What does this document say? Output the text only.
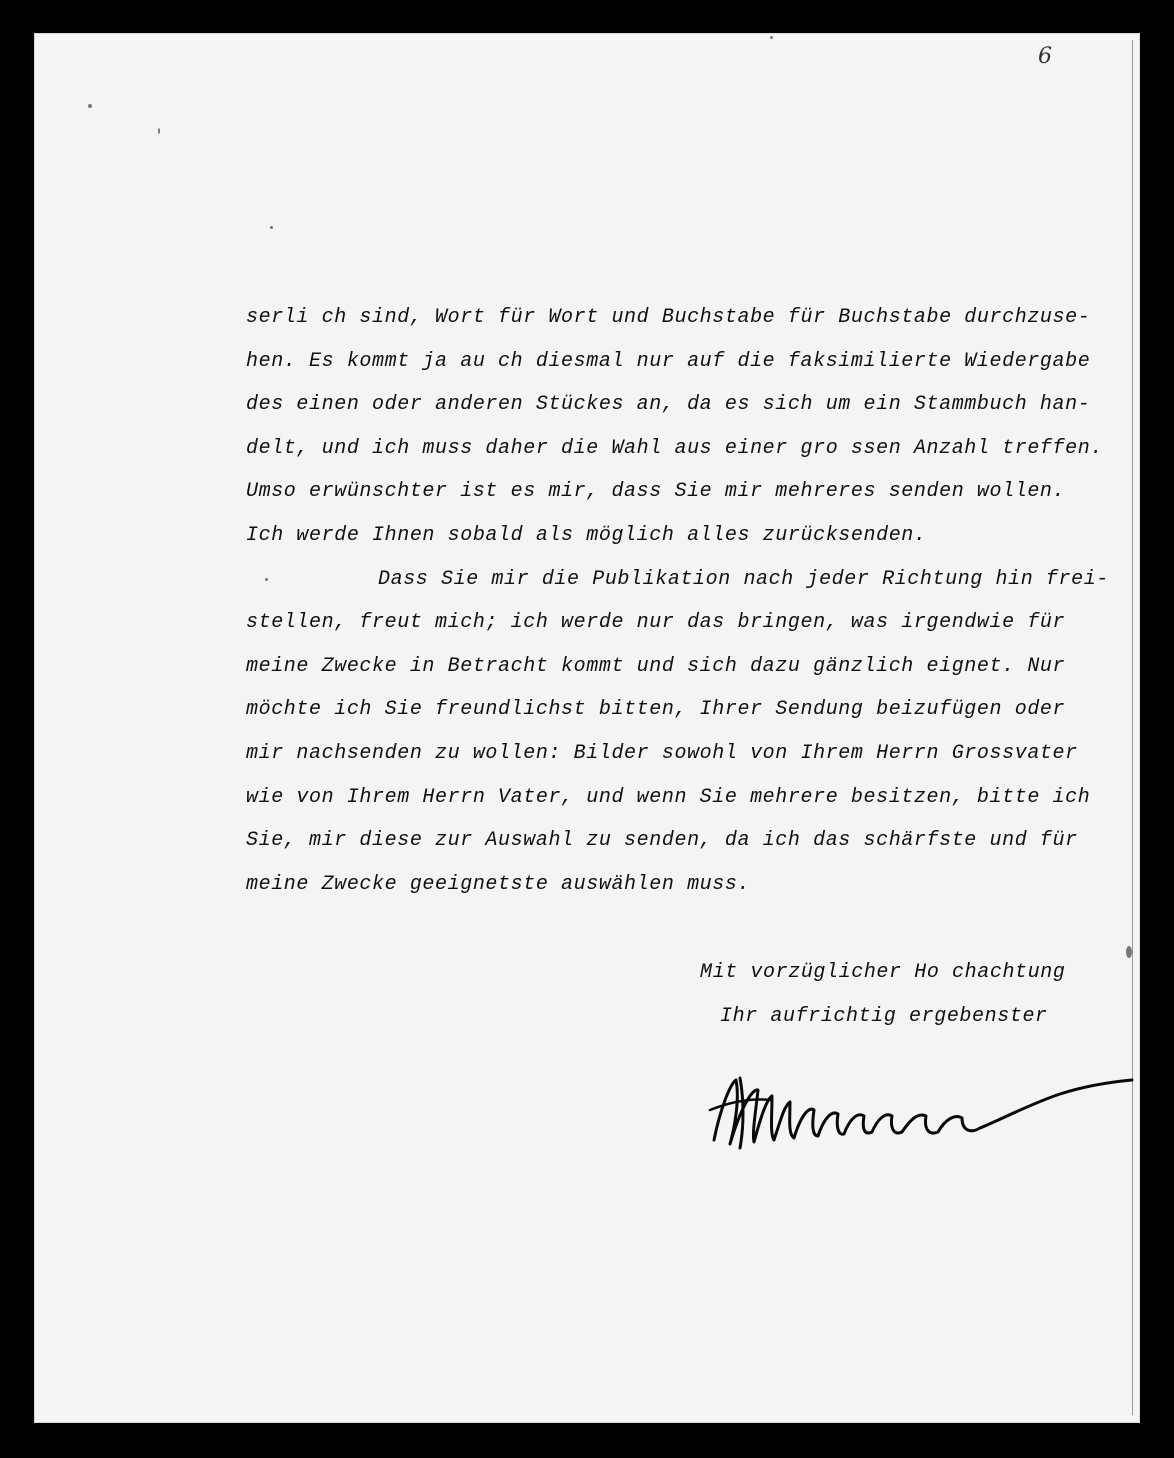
6
serli ch sind, Wort für Wort und Buchstabe für Buchstabe durchzuse-
hen. Es kommt ja au ch diesmal nur auf die faksimilierte Wiedergabe
des einen oder anderen Stückes an, da es sich um ein Stammbuch han-
delt, und ich muss daher die Wahl aus einer gro ssen Anzahl treffen.
Umso erwünschter ist es mir, dass Sie mir mehreres senden wollen.
Ich werde Ihnen sobald als möglich alles zurücksenden.
Dass Sie mir die Publikation nach jeder Richtung hin frei-
stellen, freut mich; ich werde nur das bringen, was irgendwie für
meine Zwecke in Betracht kommt und sich dazu gänzlich eignet. Nur
möchte ich Sie freundlichst bitten, Ihrer Sendung beizufügen oder
mir nachsenden zu wollen: Bilder sowohl von Ihrem Herrn Grossvater
wie von Ihrem Herrn Vater, und wenn Sie mehrere besitzen, bitte ich
Sie, mir diese zur Auswahl zu senden, da ich das schärfste und für
meine Zwecke geeignetste auswählen muss.
Mit vorzüglicher Ho chachtung
Ihr aufrichtig ergebenster
